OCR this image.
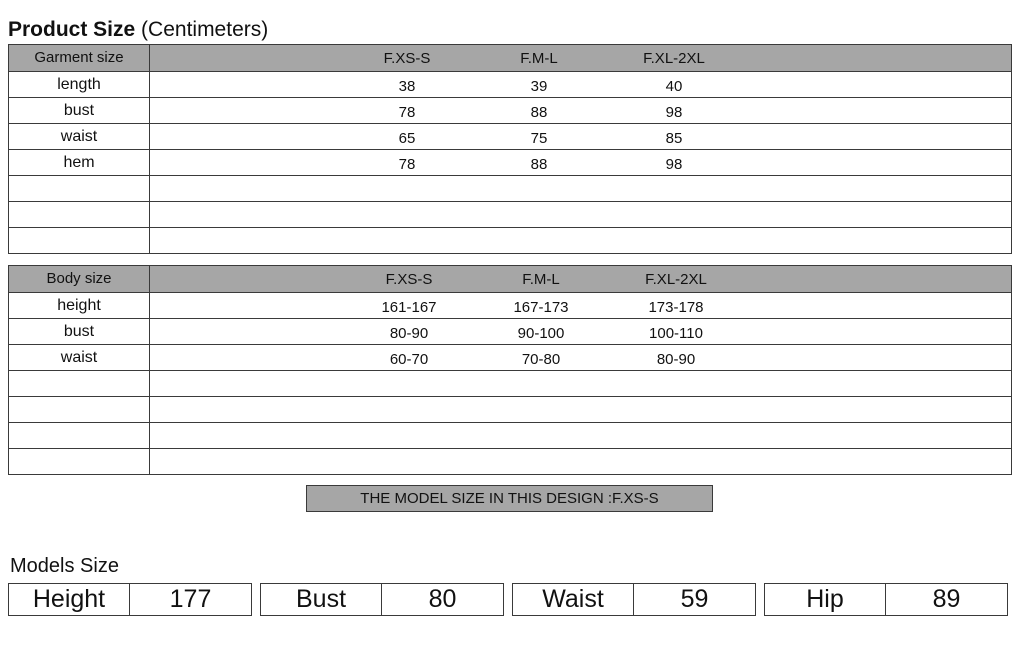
Product Size (Centimeters)
Garment size	F.XS-S	F.M-L	F.XL-2XL
length	38	39	40
bust	78	88	98
waist	65	75	85
hem	78	88	98
Body size	F.XS-S	F.M-L	F.XL-2XL
height	161-167	167-173	173-178
bust	80-90	90-100	100-110
waist	60-70	70-80	80-90
THE MODEL SIZE IN THIS DESIGN :F.XS-S
Models Size
Height	177	Bust	80	Waist	59	Hip	89
